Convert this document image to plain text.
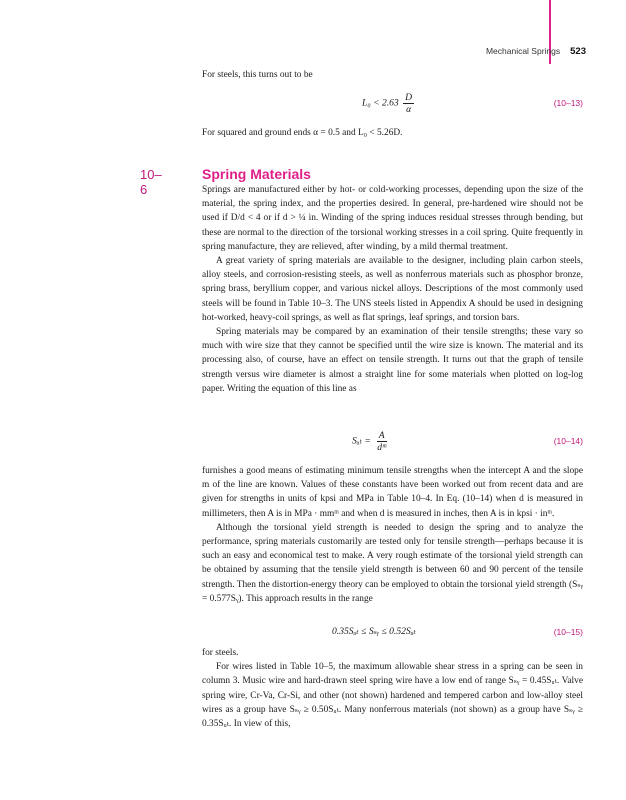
Mechanical Springs 523

For steels, this turns out to be

$L_0 < 2.63 \frac{D}{\alpha}$	(10–13)

For squared and ground ends α = 0.5 and L₀ < 5.26D.

10–6
Spring Materials

Springs are manufactured either by hot- or cold-working processes, depending upon the size of the material, the spring index, and the properties desired. In general, pre-hardened wire should not be used if D/d < 4 or if d > ¼ in. Winding of the spring induces residual stresses through bending, but these are normal to the direction of the torsional working stresses in a coil spring. Quite frequently in spring manufacture, they are relieved, after winding, by a mild thermal treatment.

A great variety of spring materials are available to the designer, including plain carbon steels, alloy steels, and corrosion-resisting steels, as well as nonferrous materials such as phosphor bronze, spring brass, beryllium copper, and various nickel alloys. Descriptions of the most commonly used steels will be found in Table 10–3. The UNS steels listed in Appendix A should be used in designing hot-worked, heavy-coil springs, as well as flat springs, leaf springs, and torsion bars.

Spring materials may be compared by an examination of their tensile strengths; these vary so much with wire size that they cannot be specified until the wire size is known. The material and its processing also, of course, have an effect on tensile strength. It turns out that the graph of tensile strength versus wire diameter is almost a straight line for some materials when plotted on log-log paper. Writing the equation of this line as

Sᵤₜ = $\frac{A}{\text{dᵐ}}$	(10–14)

furnishes a good means of estimating minimum tensile strengths when the intercept A and the slope m of the line are known. Values of these constants have been worked out from recent data and are given for strengths in units of kpsi and MPa in Table 10–4. In Eq. (10–14) when d is measured in millimeters, then A is in MPa · mmᵐ and when d is measured in inches, then A is in kpsi · inᵐ.

Although the torsional yield strength is needed to design the spring and to analyze the performance, spring materials customarily are tested only for tensile strength—perhaps because it is such an easy and economical test to make. A very rough estimate of the torsional yield strength can be obtained by assuming that the tensile yield strength is between 60 and 90 percent of the tensile strength. Then the distortion-energy theory can be employed to obtain the torsional yield strength (Sₛᵧ = 0.577Sᵧ). This approach results in the range

0.35Sᵤₜ ≤ Sₛᵧ ≤ 0.52Sᵤₜ	(10–15)

for steels.

For wires listed in Table 10–5, the maximum allowable shear stress in a spring can be seen in column 3. Music wire and hard-drawn steel spring wire have a low end of range Sₛᵧ = 0.45Sᵤₜ. Valve spring wire, Cr-Va, Cr-Si, and other (not shown) hardened and tempered carbon and low-alloy steel wires as a group have Sₛᵧ ≥ 0.50Sᵤₜ. Many nonferrous materials (not shown) as a group have Sₛᵧ ≥ 0.35Sᵤₜ. In view of this,
